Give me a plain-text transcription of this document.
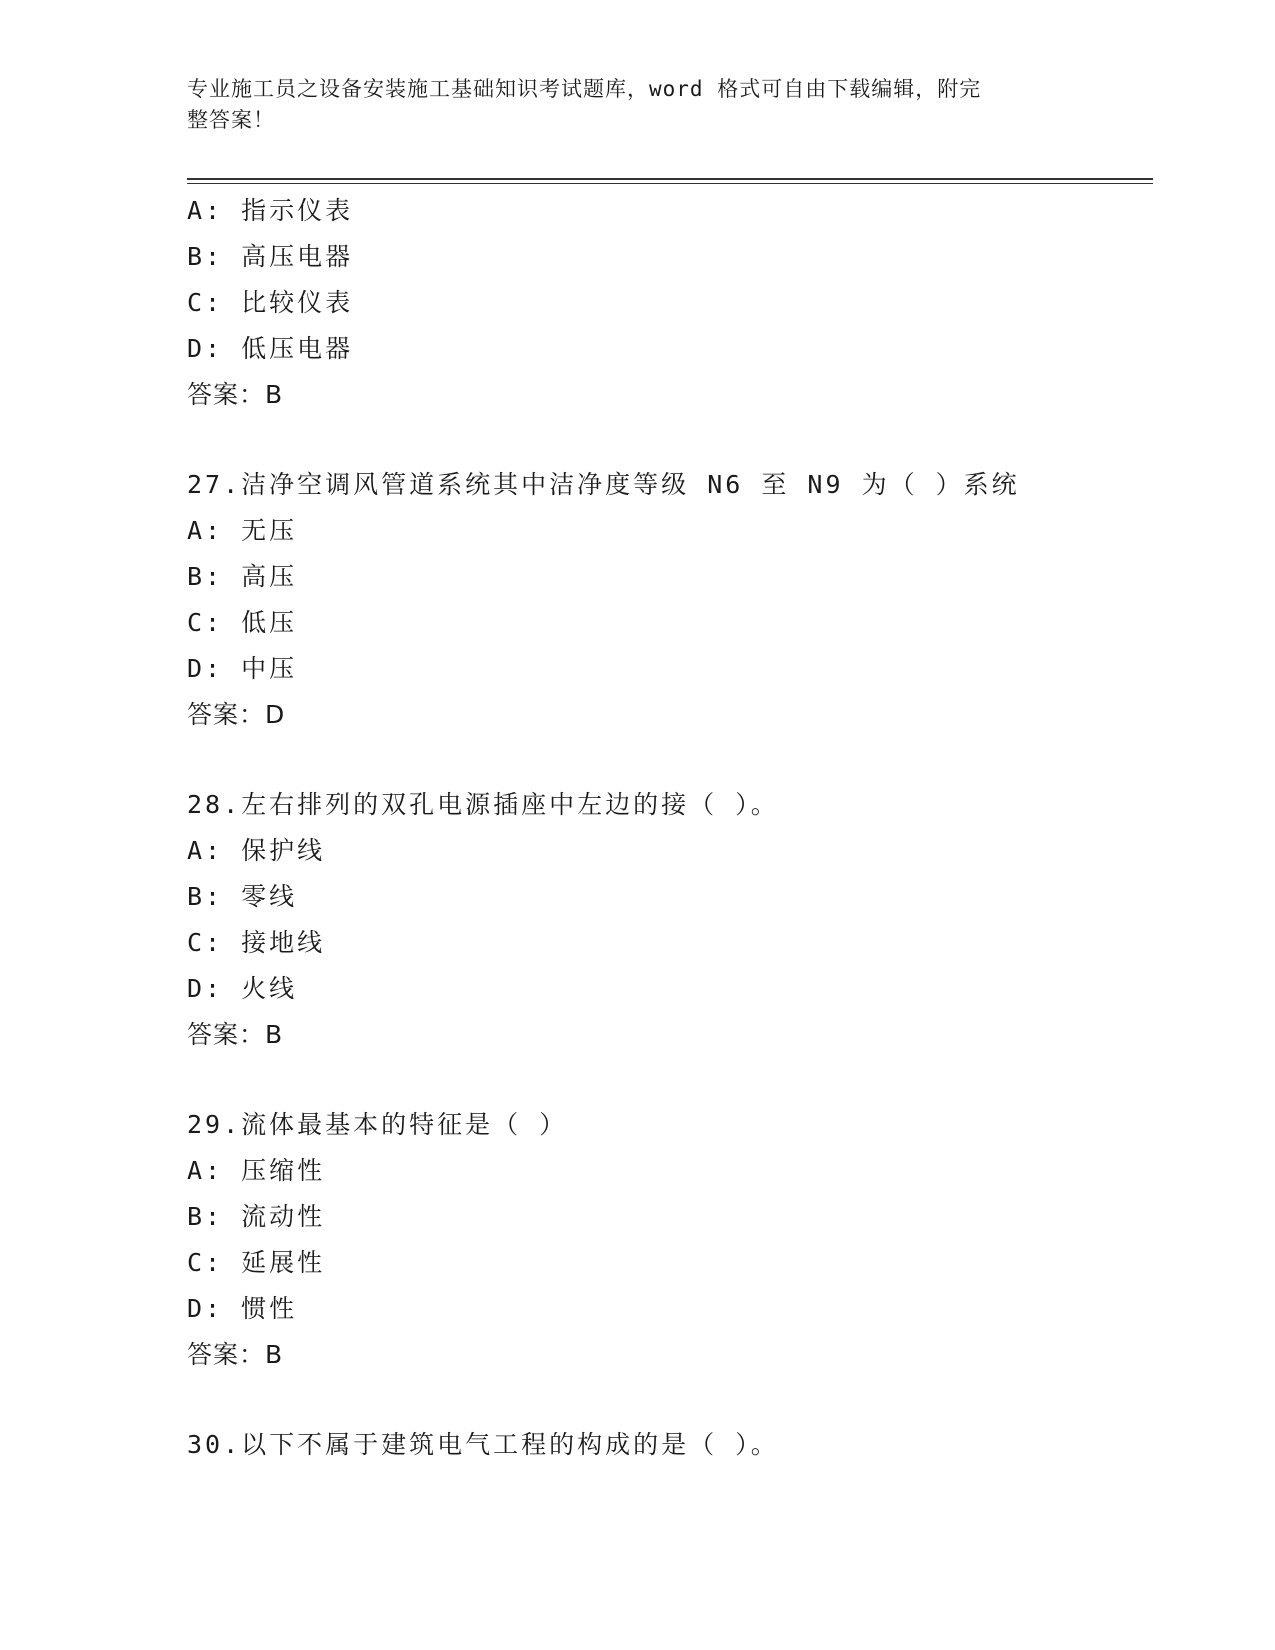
专业施工员之设备安装施工基础知识考试题库，word 格式可自由下载编辑，附完
整答案！
A: 指示仪表
B: 高压电器
C: 比较仪表
D: 低压电器
答案：B
27.洁净空调风管道系统其中洁净度等级 N6 至 N9 为（ ）系统
A: 无压
B: 高压
C: 低压
D: 中压
答案：D
28.左右排列的双孔电源插座中左边的接（ ）。
A: 保护线
B: 零线
C: 接地线
D: 火线
答案：B
29.流体最基本的特征是（ ）
A: 压缩性
B: 流动性
C: 延展性
D: 惯性
答案：B
30.以下不属于建筑电气工程的构成的是（ ）。
